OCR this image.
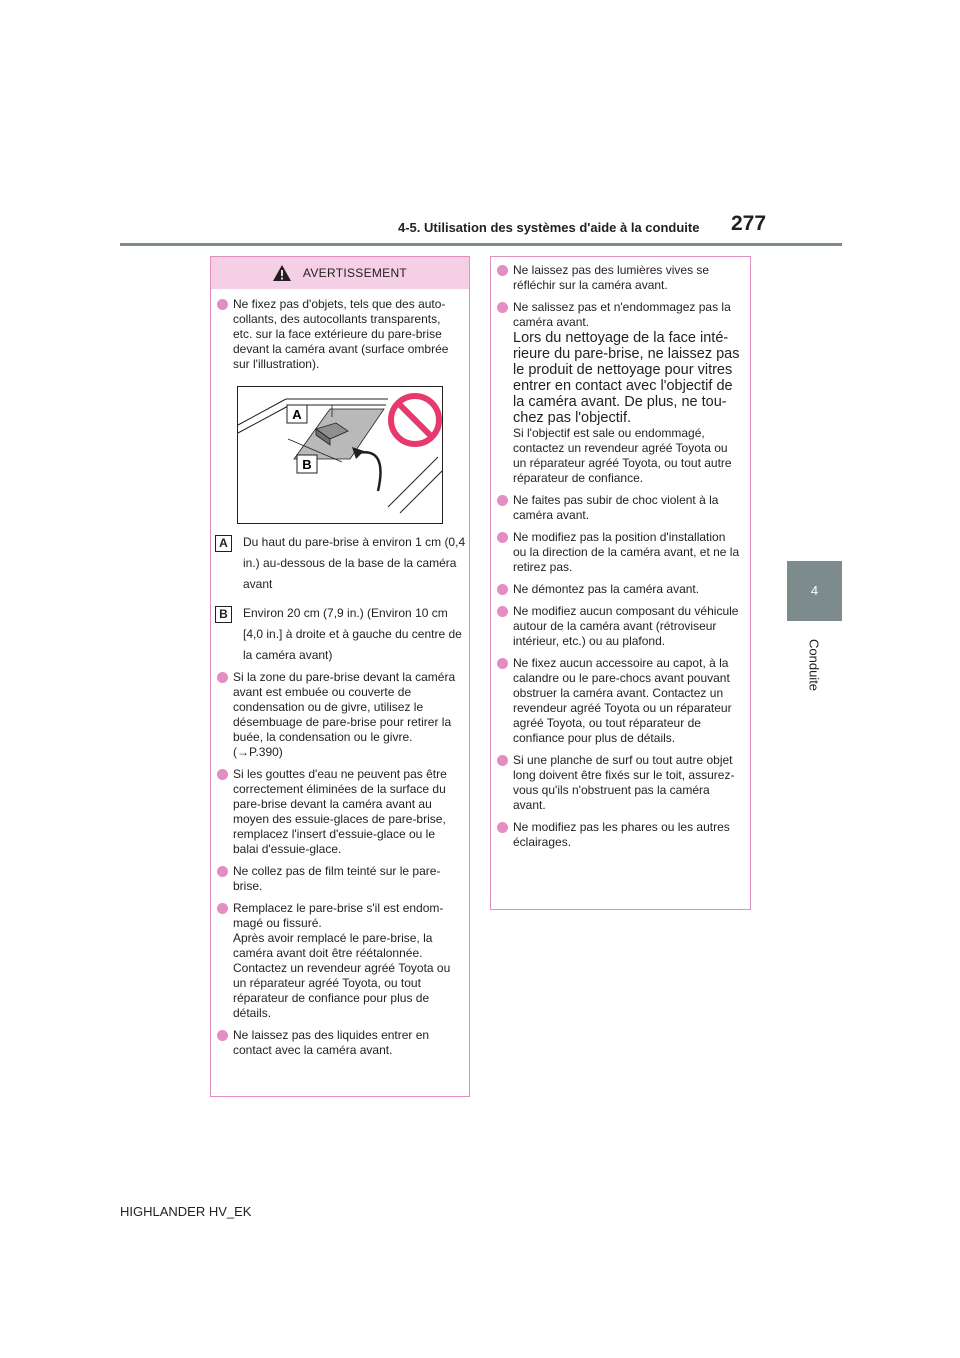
4-5. Utilisation des systèmes d'aide à la conduite 277
4
Conduite
AVERTISSEMENT
Ne fixez pas d'objets, tels que des autocollants, des autocollants transparents, etc. sur la face extérieure du pare-brise devant la caméra avant (surface ombrée sur l'illustration).
A
B
A	Du haut du pare-brise à environ 1 cm (0,4 in.) au-dessous de la base de la caméra avant
B	Environ 20 cm (7,9 in.) (Environ 10 cm [4,0 in.] à droite et à gauche du centre de la caméra avant)
Si la zone du pare-brise devant la caméra avant est embuée ou couverte de condensation ou de givre, utilisez le désembuage de pare-brise pour retirer la buée, la condensation ou le givre.
(→P.390)
Si les gouttes d'eau ne peuvent pas être correctement éliminées de la surface du pare-brise devant la caméra avant au moyen des essuie-glaces de pare-brise, remplacez l'insert d'essuie-glace ou le balai d'essuie-glace.
Ne collez pas de film teinté sur le pare-brise.
Remplacez le pare-brise s'il est endommagé ou fissuré.
Après avoir remplacé le pare-brise, la caméra avant doit être réétalonnée. Contactez un revendeur agréé Toyota ou un réparateur agréé Toyota, ou tout réparateur de confiance pour plus de détails.
Ne laissez pas des liquides entrer en contact avec la caméra avant.
Ne laissez pas des lumières vives se réfléchir sur la caméra avant.
Ne salissez pas et n'endommagez pas la caméra avant.
Lors du nettoyage de la face intérieure du pare-brise, ne laissez pas le produit de nettoyage pour vitres entrer en contact avec l'objectif de la caméra avant. De plus, ne touchez pas l'objectif.
Si l'objectif est sale ou endommagé, contactez un revendeur agréé Toyota ou un réparateur agréé Toyota, ou tout autre réparateur de confiance.
Ne faites pas subir de choc violent à la caméra avant.
Ne modifiez pas la position d'installation ou la direction de la caméra avant, et ne la retirez pas.
Ne démontez pas la caméra avant.
Ne modifiez aucun composant du véhicule autour de la caméra avant (rétroviseur intérieur, etc.) ou au plafond.
Ne fixez aucun accessoire au capot, à la calandre ou le pare-chocs avant pouvant obstruer la caméra avant. Contactez un revendeur agréé Toyota ou un réparateur agréé Toyota, ou tout réparateur de confiance pour plus de détails.
Si une planche de surf ou tout autre objet long doivent être fixés sur le toit, assurez-vous qu'ils n'obstruent pas la caméra avant.
Ne modifiez pas les phares ou les autres éclairages.
HIGHLANDER HV_EK
